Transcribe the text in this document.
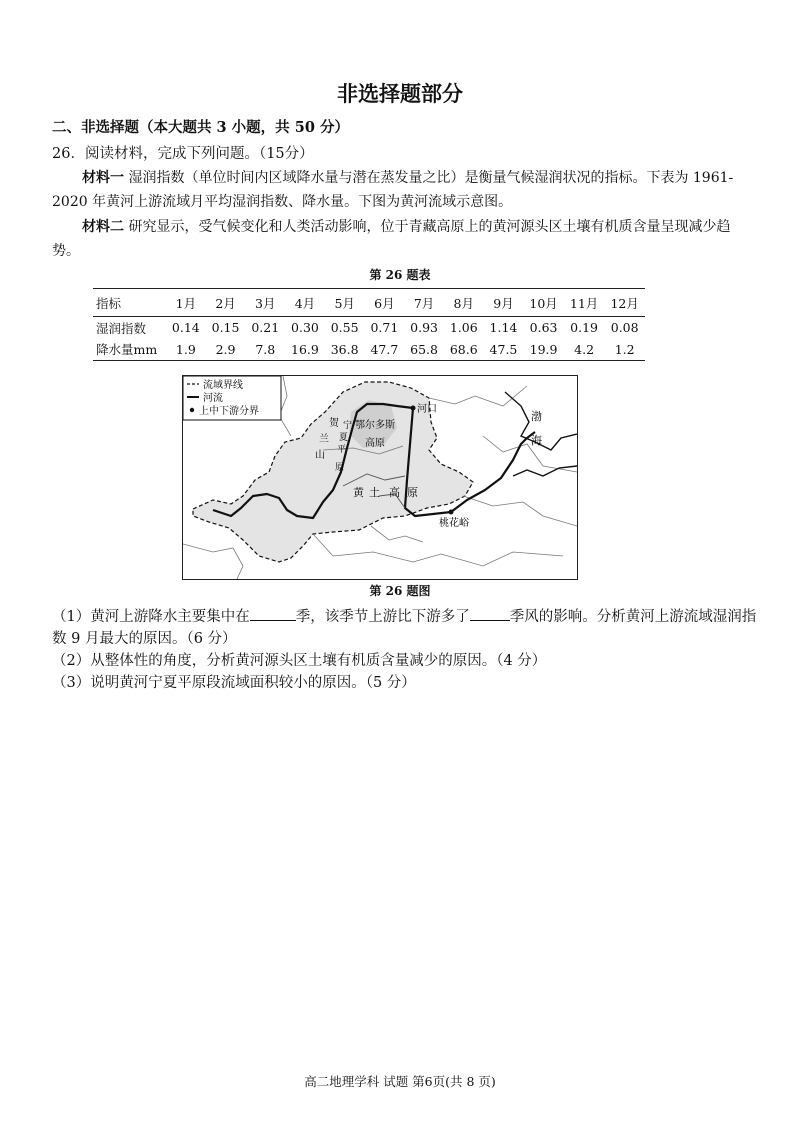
非选择题部分
二、非选择题（本大题共 3 小题，共 50 分）
26．阅读材料，完成下列问题。（15分）
材料一 湿润指数（单位时间内区域降水量与潜在蒸发量之比）是衡量气候湿润状况的指标。下表为 1961-2020 年黄河上游流域月平均湿润指数、降水量。下图为黄河流域示意图。
材料二 研究显示，受气候变化和人类活动影响，位于青藏高原上的黄河源头区土壤有机质含量呈现减少趋势。
第 26 题表
指标	1月	2月	3月	4月	5月	6月	7月	8月	9月	10月	11月	12月
湿润指数	0.14	0.15	0.21	0.30	0.55	0.71	0.93	1.06	1.14	0.63	0.19	0.08
降水量mm	1.9	2.9	7.8	16.9	36.8	47.7	65.8	68.6	47.5	19.9	4.2	1.2
流域界线
河流
上中下游分界	河口
桃花峪
渤
海
贺
兰
山
鄂尔多斯
高原
宁
夏
平
原
黄 土 高 原
第 26 题图
（1）黄河上游降水主要集中在	季，该季节上游比下游多了	季风的影响。分析黄河上游流域湿润指数 9 月最大的原因。（6 分）
（2）从整体性的角度，分析黄河源头区土壤有机质含量减少的原因。（4 分）
（3）说明黄河宁夏平原段流域面积较小的原因。（5 分）
高二地理学科 试题 第6页(共 8 页)
